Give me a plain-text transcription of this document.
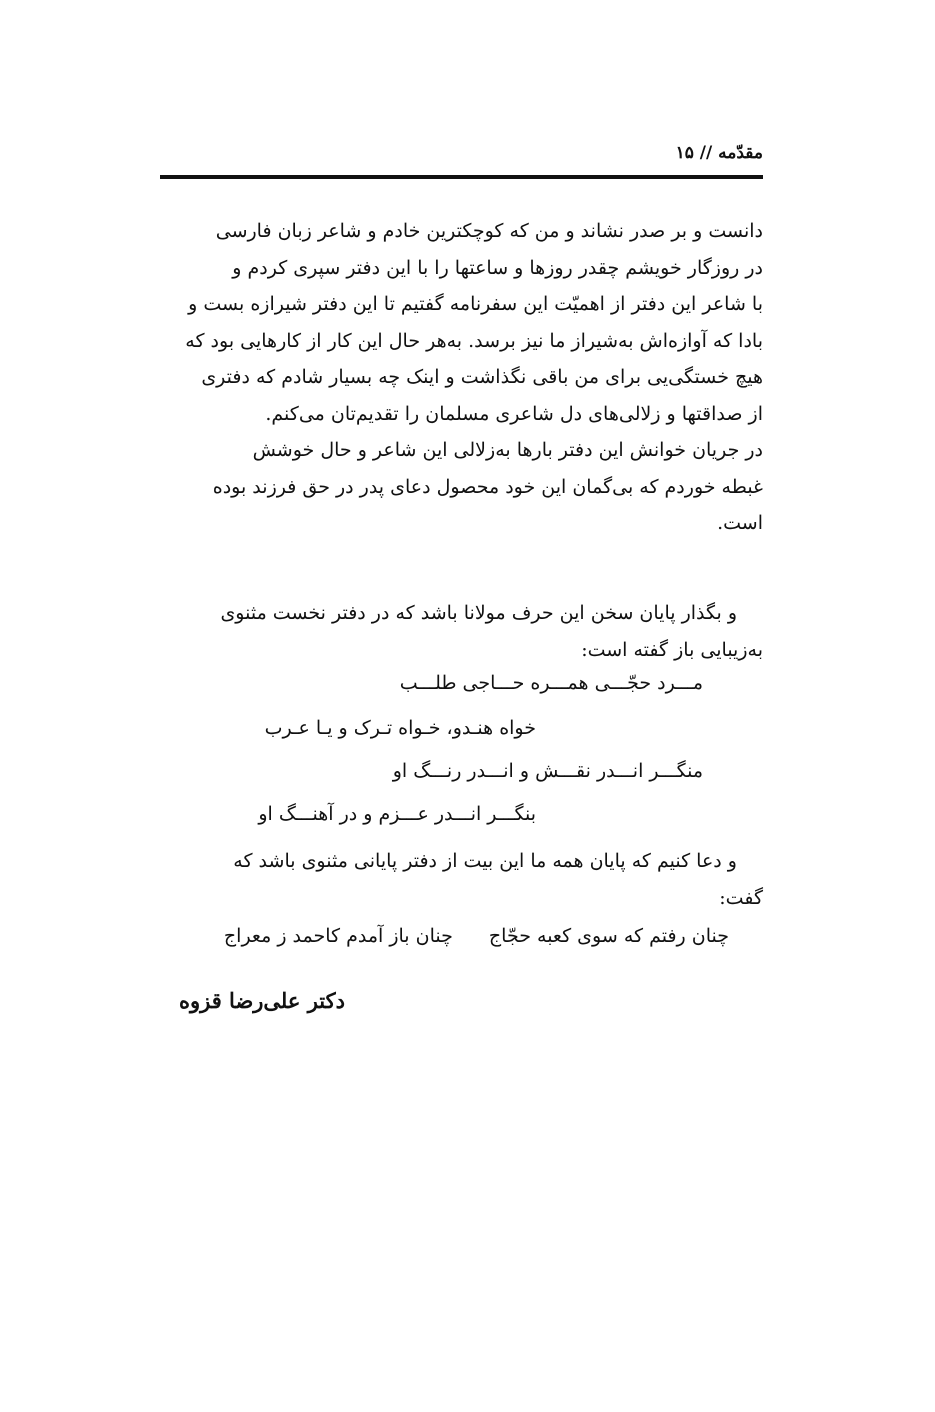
مقدّمه // ۱۵

دانست و بر صدر نشاند و من که کوچکترین خادم و شاعر زبان فارسی

در روزگار خویشم چقدر روزها و ساعتها را با این دفتر سپری کردم و

با شاعر این دفتر از اهمیّت این سفرنامه گفتیم تا این دفتر شیرازه بست و

بادا که آوازه‌اش به‌شیراز ما نیز برسد. به‌هر حال این کار از کارهایی بود که

هیچ خستگی‌یی برای من باقی نگذاشت و اینک چه بسیار شادم که دفتری

از صداقتها و زلالی‌های دل شاعری مسلمان را تقدیم‌تان می‌کنم.

در جریان خوانش این دفتر بارها به‌زلالی این شاعر و حال خوشش

غبطه خوردم که بی‌گمان این خود محصول دعای پدر در حق فرزند بوده

است.

و بگذار پایان سخن این حرف مولانا باشد که در دفتر نخست مثنوی

به‌زیبایی باز گفته است:

مـــرد حجّـــی همـــره حـــاجی طلـــب
خواه هنـدو، خـواه تـرک و یـا عـرب
منگـــر انـــدر نقـــش و انـــدر رنـــگ او
بنگـــر انـــدر عـــزم و در آهنـــگ او

و دعا کنیم که پایان همه ما این بیت از دفتر پایانی مثنوی باشد که

گفت:

چنان رفتم که سوی کعبه حجّاج چنان باز آمدم کاحمد ز معراج
دکتر علی‌رضا قزوه
